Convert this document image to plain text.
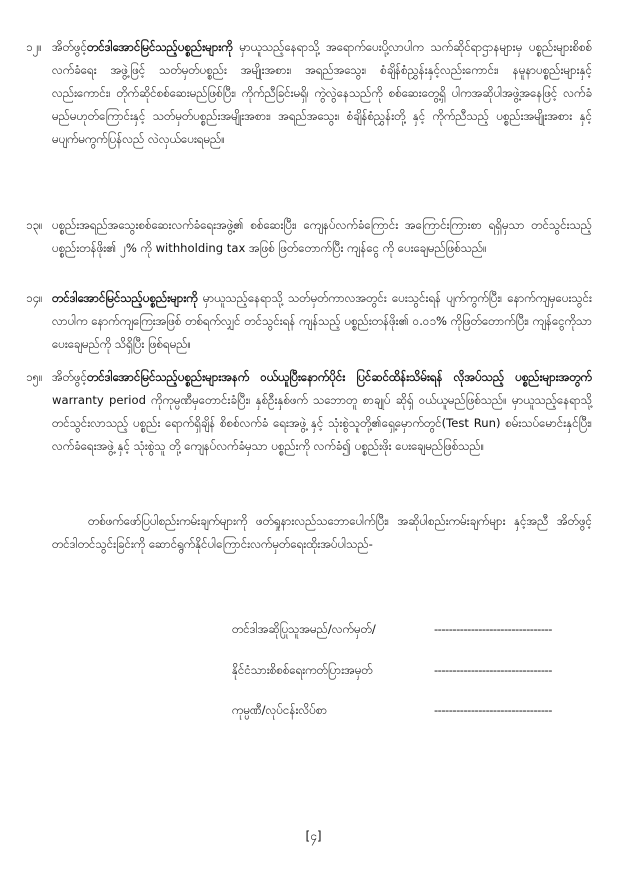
၁၂။ အိတ်ဖွင့်တင်ဒါအောင်မြင်သည့်ပစ္စည်းများကို မှာယူသည့်နေရာသို့ အရောက်ပေးပို့လာပါက သက်ဆိုင်ရာဌာနများမှ ပစ္စည်းများစိစစ်လက်ခံရေး အဖွဲ့ဖြင့် သတ်မှတ်ပစ္စည်း အမျိုးအစား၊ အရည်အသွေး၊ စံချိန်စံညွှန်းနှင့်လည်းကောင်း၊ နမူနာပစ္စည်းများနှင့် လည်းကောင်း၊ တိုက်ဆိုင်စစ်ဆေးမည်ဖြစ်ပြီး၊ ကိုက်ညီခြင်းမရှိ၊ ကွဲလွဲနေသည်ကို စစ်ဆေးတွေ့ရှိ ပါကအဆိုပါအဖွဲ့အနေဖြင့် လက်ခံမည်မဟုတ်ကြောင်းနှင့် သတ်မှတ်ပစ္စည်းအမျိုးအစား၊ အရည်အသွေး၊ စံချိန်စံညွှန်းတို့ နှင့် ကိုက်ညီသည့် ပစ္စည်းအမျိုးအစား နှင့် မပျက်မကွက်ပြန်လည် လဲလှယ်ပေးရမည်။

၁၃။ ပစ္စည်းအရည်အသွေးစစ်ဆေးလက်ခံရေးအဖွဲ့၏ စစ်ဆေးပြီး၊ ကျေနပ်လက်ခံကြောင်း အကြောင်းကြားစာ ရရှိမှသာ တင်သွင်းသည့်ပစ္စည်းတန်ဖိုး၏ ၂% ကို withholding tax အဖြစ် ဖြတ်တောက်ပြီး ကျန်ငွေ ကို ပေးချေမည်ဖြစ်သည်။

၁၄။ တင်ဒါအောင်မြင်သည့်ပစ္စည်းများကို မှာယူသည့်နေရာသို့ သတ်မှတ်ကာလအတွင်း ပေးသွင်းရန် ပျက်ကွက်ပြီး၊ နောက်ကျမှပေးသွင်းလာပါက နောက်ကျကြေးအဖြစ် တစ်ရက်လျှင် တင်သွင်းရန် ကျန်သည့် ပစ္စည်းတန်ဖိုး၏ ၀.၀၁% ကိုဖြတ်တောက်ပြီး၊ ကျန်ငွေကိုသာ ပေးချေမည်ကို သိရှိပြီး ဖြစ်ရမည်။

၁၅။ အိတ်ဖွင့်တင်ဒါအောင်မြင်သည့်ပစ္စည်းများအနက် ဝယ်ယူပြီးနောက်ပိုင်း ပြင်ဆင်ထိန်းသိမ်းရန် လိုအပ်သည့် ပစ္စည်းများအတွက် warranty period ကိုကုမ္ပဏီမှတောင်းခံပြီး၊ နှစ်ဦးနှစ်ဖက် သဘောတူ စာချုပ် ဆိုရှ် ဝယ်ယူမည်ဖြစ်သည်။ မှာယူသည့်နေရာသို့ တင်သွင်းလာသည့် ပစ္စည်း ရောက်ရှိချိန် စိစစ်လက်ခံ ရေးအဖွဲ့ နှင့် သုံးစွဲသူတို့၏ရှေ့မှောက်တွင်(Test Run) စမ်းသပ်မောင်းနှင်ပြီး၊ လက်ခံရေးအဖွဲ့ နှင့် သုံးစွဲသူ တို့ ကျေနပ်လက်ခံမှသာ ပစ္စည်းကို လက်ခံ၍ ပစ္စည်းဖိုး ပေးချေမည်ဖြစ်သည်။

တစ်ဖက်ဖော်ပြပါစည်းကမ်းချက်များကို ဖတ်ရှုနားလည်သဘောပေါက်ပြီး၊ အဆိုပါစည်းကမ်းချက်များ နှင့်အညီ အိတ်ဖွင့်တင်ဒါတင်သွင်းခြင်းကို ဆောင်ရွက်နိုင်ပါကြောင်းလက်မှတ်ရေးထိုးအပ်ပါသည်-

တင်ဒါအဆိုပြုသူအမည်/လက်မှတ်/	--------------------------------
နိုင်ငံသားစိစစ်ရေးကတ်ပြားအမှတ်	--------------------------------
ကုမ္ပဏီ/လုပ်ငန်းလိပ်စာ	--------------------------------
[၄]
